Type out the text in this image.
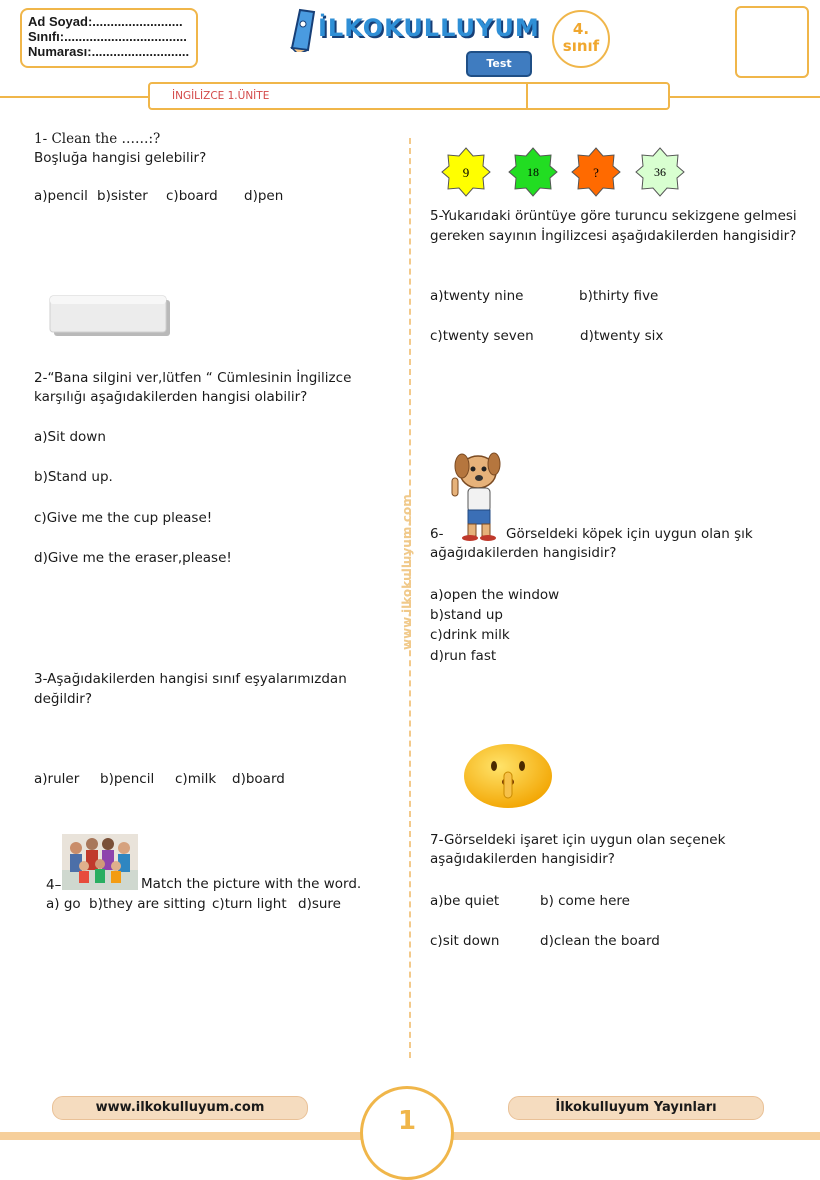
Ad Soyad:.........................
Sınıfı:..................................
Numarası:...........................
İLKOKULLUYUM
Test
4.
sınıf
İNGİLİZCE 1.ÜNİTE
www.ilkokulluyum.com
1- Clean the ……:?
Boşluğa hangisi gelebilir?
a)pencil b)sister c)board d)pen
2-“Bana silgini ver,lütfen “ Cümlesinin İngilizce
karşılığı aşağıdakilerden hangisi olabilir?
a)Sit down
b)Stand up.
c)Give me the cup please!
d)Give me the eraser,please!
3-Aşağıdakilerden hangisi sınıf eşyalarımızdan
değildir?
a)ruler b)pencil c)milk d)board
4–	Match the picture with the word.
a) go b)they are sitting c)turn light d)sure
9	18	?	36
5-Yukarıdaki örüntüye göre turuncu sekizgene gelmesi
gereken sayının İngilizcesi aşağıdakilerden hangisidir?
a)twenty nine	b)thirty five
c)twenty seven	d)twenty six
6-	Görseldeki köpek için uygun olan şık
ağağıdakilerden hangisidir?
a)open the window
b)stand up
c)drink milk
d)run fast
7-Görseldeki işaret için uygun olan seçenek
aşağıdakilerden hangisidir?
a)be quiet	b) come here
c)sit down	d)clean the board
1
www.ilkokulluyum.com	İlkokulluyum Yayınları
